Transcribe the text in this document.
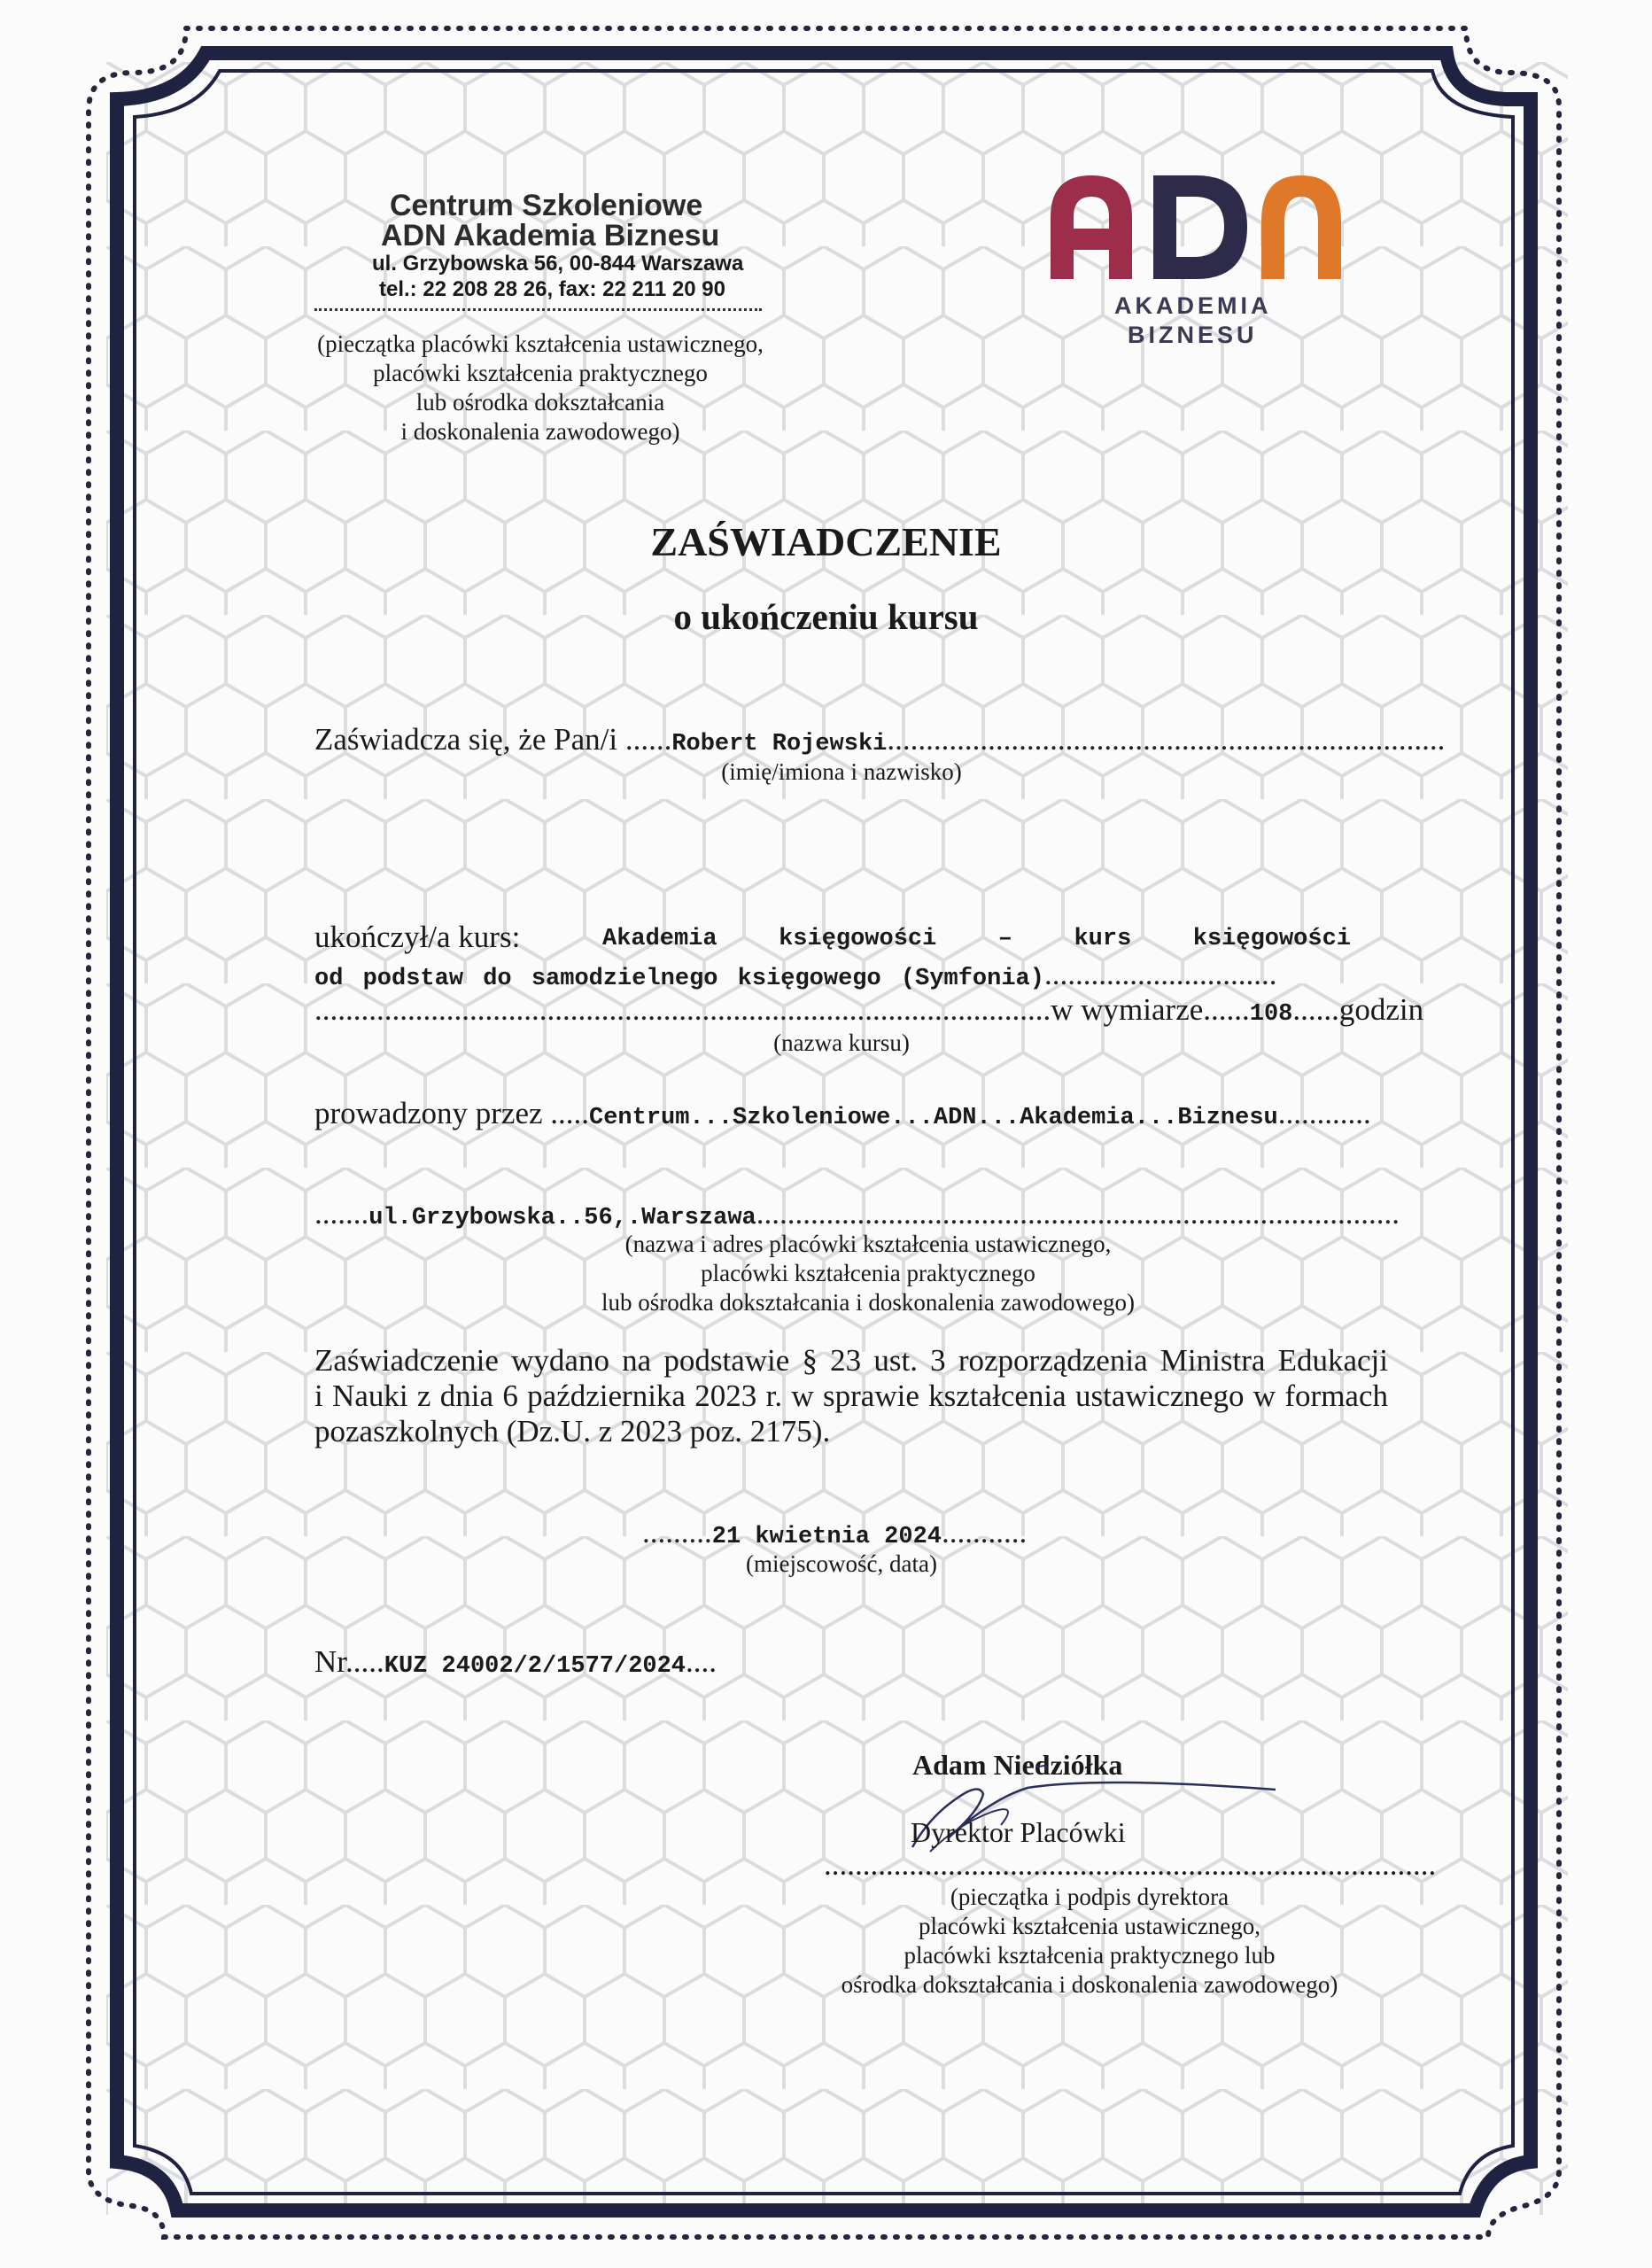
Centrum Szkoleniowe
ADN Akademia Biznesu
ul. Grzybowska 56, 00-844 Warszawa
tel.: 22 208 28 26, fax: 22 211 20 90
(pieczątka placówki kształcenia ustawicznego,
placówki kształcenia praktycznego
lub ośrodka dokształcania
i doskonalenia zawodowego)
AKADEMIA
BIZNESU
ZAŚWIADCZENIE
o ukończeniu kursu
Zaświadcza się, że Pan/i ......Robert Rojewski........................................................................
(imię/imiona i nazwisko)
ukończył/a kurs:	Akademia    księgowości    –    kurs    księgowości
od podstaw do samodzielnego księgowego (Symfonia)..............................
...............................................................................................w wymiarze......108......godzin
(nazwa kursu)
prowadzony przez .....Centrum...Szkoleniowe...ADN...Akademia...Biznesu............
.......ul.Grzybowska..56,.Warszawa...................................................................................
(nazwa i adres placówki kształcenia ustawicznego,
placówki kształcenia praktycznego
lub ośrodka dokształcania i doskonalenia zawodowego)
Zaświadczenie wydano na podstawie § 23 ust. 3 rozporządzenia Ministra Edukacji
i Nauki z dnia 6 października 2023 r. w sprawie kształcenia ustawicznego w formach
pozaszkolnych (Dz.U. z 2023 poz. 2175).
.........21 kwietnia 2024...........
(miejscowość, data)
Nr.....KUZ 24002/2/1577/2024....
Adam Niedziółka
Dyrektor Placówki
...............................................................................
(pieczątka i podpis dyrektora
placówki kształcenia ustawicznego,
placówki kształcenia praktycznego lub
ośrodka dokształcania i doskonalenia zawodowego)
